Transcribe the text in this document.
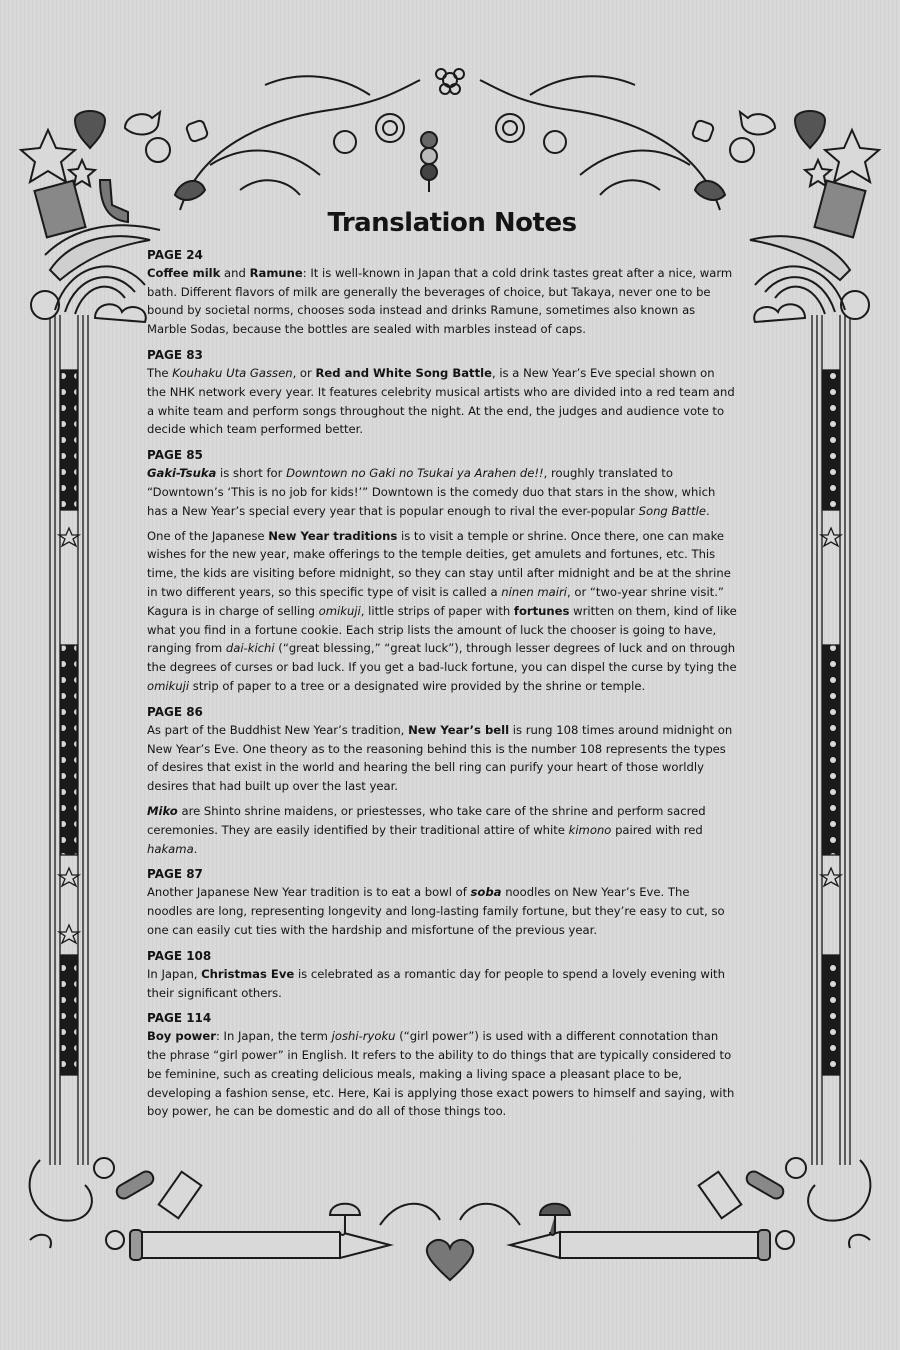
Translation Notes
PAGE 24

Coffee milk and Ramune: It is well-known in Japan that a cold drink tastes great after a nice, warm bath. Different flavors of milk are generally the beverages of choice, but Takaya, never one to be bound by societal norms, chooses soda instead and drinks Ramune, sometimes also known as Marble Sodas, because the bottles are sealed with marbles instead of caps.

PAGE 83

The Kouhaku Uta Gassen, or Red and White Song Battle, is a New Year’s Eve special shown on the NHK network every year. It features celebrity musical artists who are divided into a red team and a white team and perform songs throughout the night. At the end, the judges and audience vote to decide which team performed better.

PAGE 85

Gaki-Tsuka is short for Downtown no Gaki no Tsukai ya Arahen de!!, roughly translated to “Downtown’s ‘This is no job for kids!’” Downtown is the comedy duo that stars in the show, which has a New Year’s special every year that is popular enough to rival the ever-popular Song Battle.

One of the Japanese New Year traditions is to visit a temple or shrine. Once there, one can make wishes for the new year, make offerings to the temple deities, get amulets and fortunes, etc. This time, the kids are visiting before midnight, so they can stay until after midnight and be at the shrine in two different years, so this specific type of visit is called a ninen mairi, or “two-year shrine visit.” Kagura is in charge of selling omikuji, little strips of paper with fortunes written on them, kind of like what you find in a fortune cookie. Each strip lists the amount of luck the chooser is going to have, ranging from dai-kichi (“great blessing,” “great luck”), through lesser degrees of luck and on through the degrees of curses or bad luck. If you get a bad-luck fortune, you can dispel the curse by tying the omikuji strip of paper to a tree or a designated wire provided by the shrine or temple.

PAGE 86

As part of the Buddhist New Year’s tradition, New Year’s bell is rung 108 times around midnight on New Year’s Eve. One theory as to the reasoning behind this is the number 108 represents the types of desires that exist in the world and hearing the bell ring can purify your heart of those worldly desires that had built up over the last year.

Miko are Shinto shrine maidens, or priestesses, who take care of the shrine and perform sacred ceremonies. They are easily identified by their traditional attire of white kimono paired with red hakama.

PAGE 87

Another Japanese New Year tradition is to eat a bowl of soba noodles on New Year’s Eve. The noodles are long, representing longevity and long-lasting family fortune, but they’re easy to cut, so one can easily cut ties with the hardship and misfortune of the previous year.

PAGE 108

In Japan, Christmas Eve is celebrated as a romantic day for people to spend a lovely evening with their significant others.

PAGE 114

Boy power: In Japan, the term joshi-ryoku (“girl power”) is used with a different connotation than the phrase “girl power” in English. It refers to the ability to do things that are typically considered to be feminine, such as creating delicious meals, making a living space a pleasant place to be, developing a fashion sense, etc. Here, Kai is applying those exact powers to himself and saying, with boy power, he can be domestic and do all of those things too.
